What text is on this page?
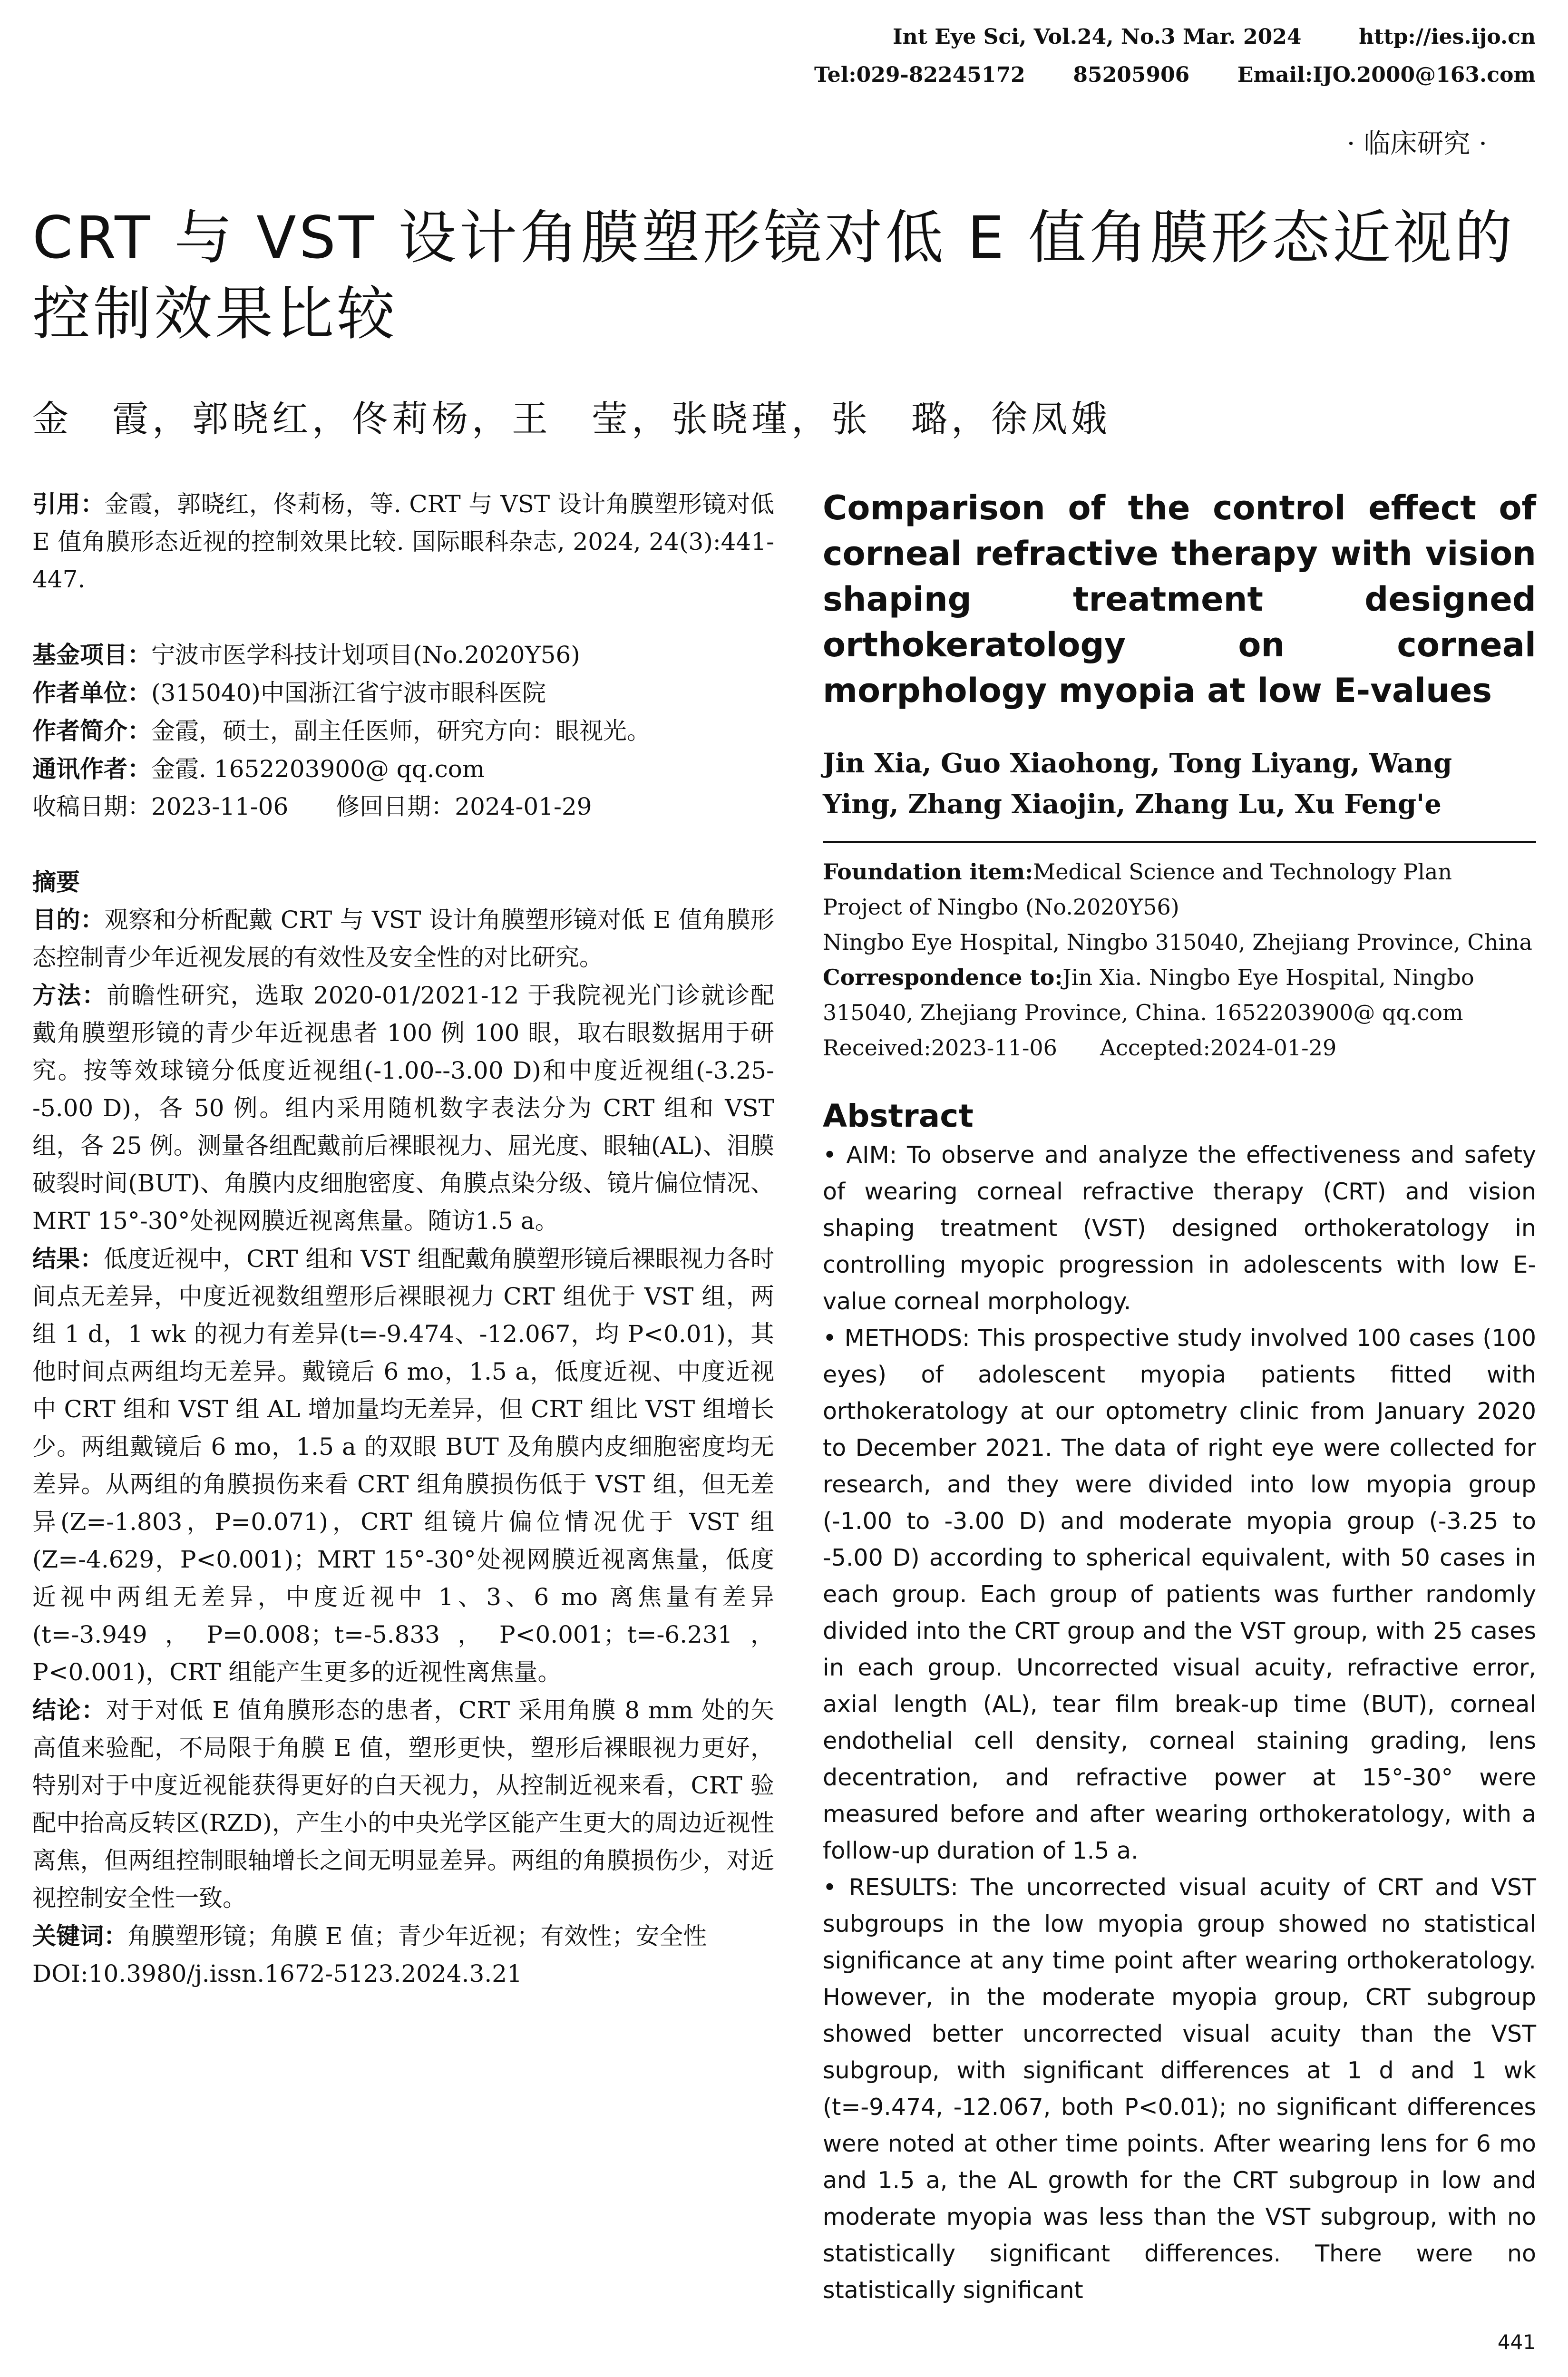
Int Eye Sci, Vol.24, No.3 Mar. 2024	http://ies.ijo.cn
Tel:029-82245172 85205906 Email:IJO.2000@163.com
· 临床研究 ·
CRT 与 VST 设计角膜塑形镜对低 E 值角膜形态近视的控制效果比较
金　霞，郭晓红，佟莉杨，王　莹，张晓瑾，张　璐，徐凤娥

引用：金霞，郭晓红，佟莉杨，等. CRT 与 VST 设计角膜塑形镜对低 E 值角膜形态近视的控制效果比较. 国际眼科杂志, 2024, 24(3):441-447.

基金项目：宁波市医学科技计划项目(No.2020Y56)

作者单位：(315040)中国浙江省宁波市眼科医院

作者简介：金霞，硕士，副主任医师，研究方向：眼视光。

通讯作者：金霞. 1652203900@ qq.com

收稿日期：2023-11-06 修回日期：2024-01-29

摘要

目的：观察和分析配戴 CRT 与 VST 设计角膜塑形镜对低 E 值角膜形态控制青少年近视发展的有效性及安全性的对比研究。

方法：前瞻性研究，选取 2020-01/2021-12 于我院视光门诊就诊配戴角膜塑形镜的青少年近视患者 100 例 100 眼，取右眼数据用于研究。按等效球镜分低度近视组(-1.00--3.00 D)和中度近视组(-3.25--5.00 D)，各 50 例。组内采用随机数字表法分为 CRT 组和 VST 组，各 25 例。测量各组配戴前后裸眼视力、屈光度、眼轴(AL)、泪膜破裂时间(BUT)、角膜内皮细胞密度、角膜点染分级、镜片偏位情况、MRT 15°-30°处视网膜近视离焦量。随访1.5 a。

结果：低度近视中，CRT 组和 VST 组配戴角膜塑形镜后裸眼视力各时间点无差异，中度近视数组塑形后裸眼视力 CRT 组优于 VST 组，两组 1 d，1 wk 的视力有差异(t=-9.474、-12.067，均 P<0.01)，其他时间点两组均无差异。戴镜后 6 mo，1.5 a，低度近视、中度近视中 CRT 组和 VST 组 AL 增加量均无差异，但 CRT 组比 VST 组增长少。两组戴镜后 6 mo，1.5 a 的双眼 BUT 及角膜内皮细胞密度均无差异。从两组的角膜损伤来看 CRT 组角膜损伤低于 VST 组，但无差异(Z=-1.803，P=0.071)，CRT 组镜片偏位情况优于 VST 组(Z=-4.629，P<0.001)；MRT 15°-30°处视网膜近视离焦量，低度近视中两组无差异，中度近视中 1、3、6 mo 离焦量有差异(t=-3.949，P=0.008；t=-5.833，P<0.001；t=-6.231，P<0.001)，CRT 组能产生更多的近视性离焦量。

结论：对于对低 E 值角膜形态的患者，CRT 采用角膜 8 mm 处的矢高值来验配，不局限于角膜 E 值，塑形更快，塑形后裸眼视力更好，特别对于中度近视能获得更好的白天视力，从控制近视来看，CRT 验配中抬高反转区(RZD)，产生小的中央光学区能产生更大的周边近视性离焦，但两组控制眼轴增长之间无明显差异。两组的角膜损伤少，对近视控制安全性一致。

关键词：角膜塑形镜；角膜 E 值；青少年近视；有效性；安全性

DOI:10.3980/j.issn.1672-5123.2024.3.21

Comparison of the control effect of corneal refractive therapy with vision shaping treatment designed orthokeratology on corneal morphology myopia at low E-values
Jin Xia, Guo Xiaohong, Tong Liyang, Wang Ying, Zhang Xiaojin, Zhang Lu, Xu Feng'e
Foundation item:Medical Science and Technology Plan Project of Ningbo (No.2020Y56)
Ningbo Eye Hospital, Ningbo 315040, Zhejiang Province, China
Correspondence to:Jin Xia. Ningbo Eye Hospital, Ningbo 315040, Zhejiang Province, China. 1652203900@ qq.com
Received:2023-11-06 Accepted:2024-01-29
Abstract

• AIM: To observe and analyze the effectiveness and safety of wearing corneal refractive therapy (CRT) and vision shaping treatment (VST) designed orthokeratology in controlling myopic progression in adolescents with low E-value corneal morphology.

• METHODS: This prospective study involved 100 cases (100 eyes) of adolescent myopia patients fitted with orthokeratology at our optometry clinic from January 2020 to December 2021. The data of right eye were collected for research, and they were divided into low myopia group (-1.00 to -3.00 D) and moderate myopia group (-3.25 to -5.00 D) according to spherical equivalent, with 50 cases in each group. Each group of patients was further randomly divided into the CRT group and the VST group, with 25 cases in each group. Uncorrected visual acuity, refractive error, axial length (AL), tear film break-up time (BUT), corneal endothelial cell density, corneal staining grading, lens decentration, and refractive power at 15°-30° were measured before and after wearing orthokeratology, with a follow-up duration of 1.5 a.

• RESULTS: The uncorrected visual acuity of CRT and VST subgroups in the low myopia group showed no statistical significance at any time point after wearing orthokeratology. However, in the moderate myopia group, CRT subgroup showed better uncorrected visual acuity than the VST subgroup, with significant differences at 1 d and 1 wk (t=-9.474, -12.067, both P<0.01); no significant differences were noted at other time points. After wearing lens for 6 mo and 1.5 a, the AL growth for the CRT subgroup in low and moderate myopia was less than the VST subgroup, with no statistically significant differences. There were no statistically significant

441
